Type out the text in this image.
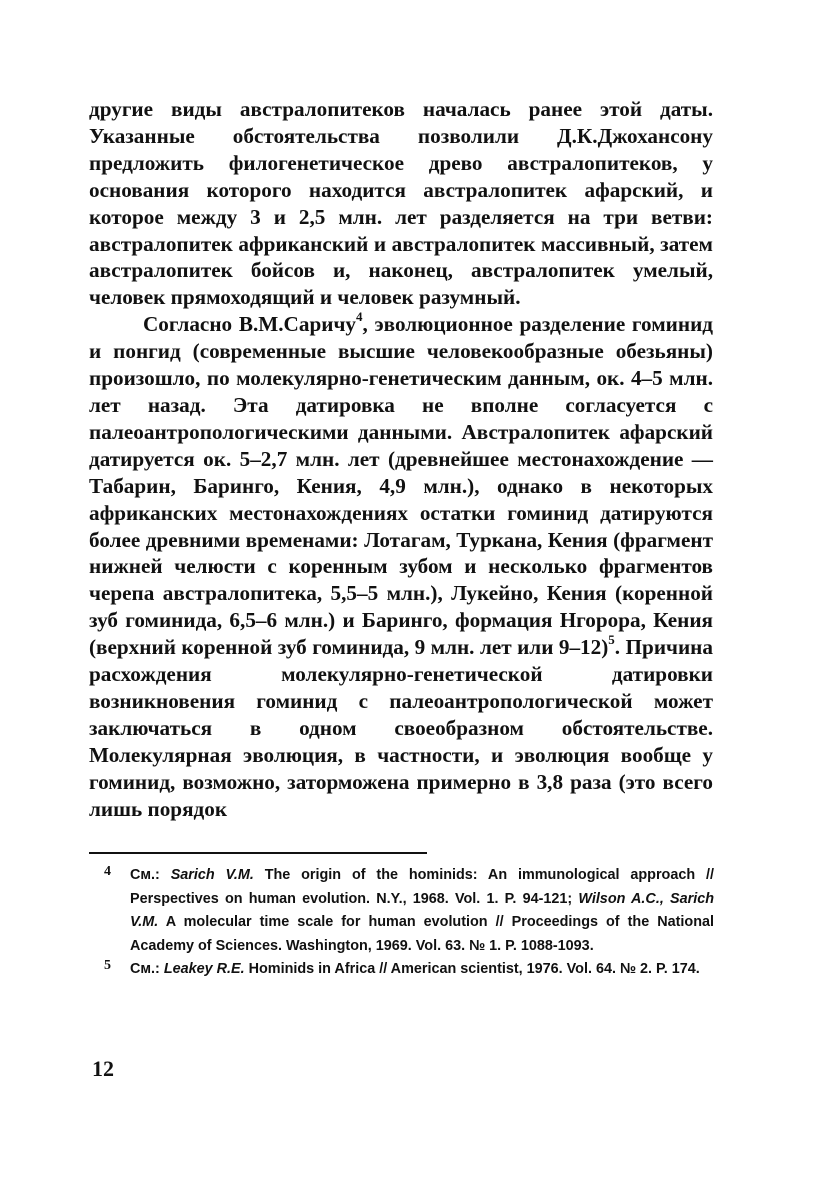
другие виды австралопитеков началась ранее этой даты. Указанные обстоятельства позволили Д.К.Джохансону предложить филогенетическое древо австралопитеков, у основания которого находится австралопитек афарский, и которое между 3 и 2,5 млн. лет разделяется на три ветви: австралопитек африканский и австралопитек массивный, затем австралопитек бойсов и, наконец, австралопитек умелый, человек прямоходящий и человек разумный.

Согласно В.М.Саричу$^4$, эволюционное разделение гоминид и понгид (современные высшие человекообразные обезьяны) произошло, по молекулярно-генетическим данным, ок. 4–5 млн. лет назад. Эта датировка не вполне согласуется с палеоантропологическими данными. Австралопитек афарский датируется ок. 5–2,7 млн. лет (древнейшее местонахождение — Табарин, Баринго, Кения, 4,9 млн.), однако в некоторых африканских местонахождениях остатки гоминид датируются более древними временами: Лотагам, Туркана, Кения (фрагмент нижней челюсти с коренным зубом и несколько фрагментов черепа австралопитека, 5,5–5 млн.), Лукейно, Кения (коренной зуб гоминида, 6,5–6 млн.) и Баринго, формация Нгорора, Кения (верхний коренной зуб гоминида, 9 млн. лет или 9–12)$^5$. Причина расхождения молекулярно-генетической датировки возникновения гоминид с палеоантропологической может заключаться в одном своеобразном обстоятельстве. Молекулярная эволюция, в частности, и эволюция вообще у гоминид, возможно, заторможена примерно в 3,8 раза (это всего лишь порядок

4 См.: Sarich V.M. The origin of the hominids: An immunological approach // Perspectives on human evolution. N.Y., 1968. Vol. 1. P. 94-121; Wilson A.C., Sarich V.M. A molecular time scale for human evolution // Proceedings of the National Academy of Sciences. Washington, 1969. Vol. 63. № 1. P. 1088-1093.
5 См.: Leakey R.E. Hominids in Africa // American scientist, 1976. Vol. 64. № 2. P. 174.
12
